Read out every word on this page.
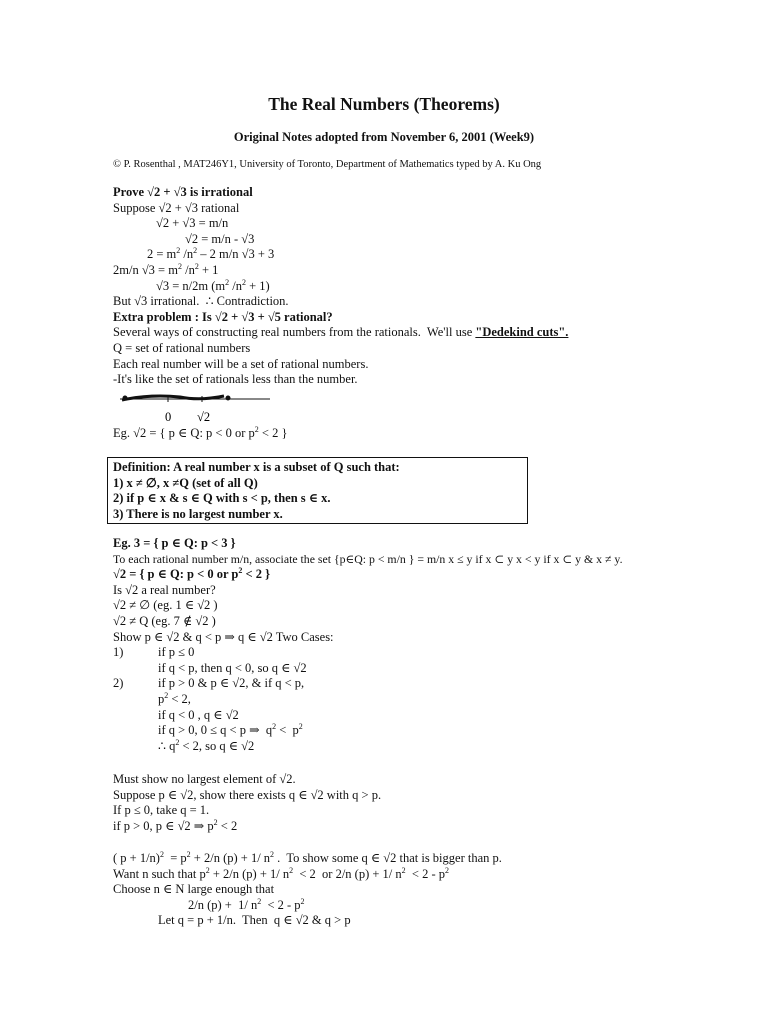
The Real Numbers (Theorems)
Original Notes adopted from November 6, 2001 (Week9)
© P. Rosenthal , MAT246Y1, University of Toronto, Department of Mathematics typed by A. Ku Ong
Prove √2 + √3 is irrational
Suppose √2 + √3 rational
√2 + √3 = m/n
√2 = m/n - √3
$2 = m^2$ $/n^2 - 2$ m/n √3 + 3
2m/n $√3 = m^2$ $/n^2 + 1$
√3 = n/2m ($m^2$ $/n^2 + 1$)
But √3 irrational.  ∴ Contradiction.
Extra problem : Is √2 + √3 + √5 rational?
Several ways of constructing real numbers from the rationals.  We'll use "Dedekind cuts".
Q = set of rational numbers
Each real number will be a set of rational numbers.
-It's like the set of rationals less than the number.
0 √2
Eg. √2 = { p ∈ Q: p < 0 or $p^2 < 2$ }
Definition: A real number x is a subset of Q such that:
1) x ≠ ∅, x ≠Q (set of all Q)
2) if p ∈ x & s ∈ Q with s < p, then s ∈ x.
3) There is no largest number x.
Eg. 3 = { p ∈ Q: p < 3 }
To each rational number m/n, associate the set {p∈Q: p < m/n } = m/n x ≤ y if x ⊂ y x < y if x ⊂ y & x ≠ y.
√2 = { p ∈ Q: p < 0 or $p^2 < 2$ }
Is √2 a real number?
√2 ≠ ∅ (eg. 1 ∈ √2 )
√2 ≠ Q (eg. 7 ∉ √2 )
Show p ∈ √2 & q < p ⇒ q ∈ √2 Two Cases:
1)	if p ≤ 0
if q < p, then q < 0, so q ∈ √2
2)	if p > 0 & p ∈ √2, & if q < p,
$p^2 < 2$,
if q < 0 , q ∈ √2
if q > 0, 0 ≤ q < p ⇒  $q^2 < p^2$
∴ $q^2 < 2$, so q ∈ √2
Must show no largest element of √2.
Suppose p ∈ √2, show there exists q ∈ √2 with q > p.
If p ≤ 0, take q = 1.
if p > 0, p ∈ √2 ⇒ $p^2 < 2$
( $p + 1/n)^2 = p^2 + 2/n$ (p) + 1/ $n^2$ .  To show some q ∈ √2 that is bigger than p.
Want n such that $p^2 + 2/n$ (p) + 1/ $n^2 < 2$  or 2/n (p) + 1/ $n^2 < 2 - p^2$
Choose n ∈ N large enough that
2/n (p) +  1/ $n^2 < 2 - p^2$
Let q = p + 1/n.  Then  q ∈ √2 & q > p
